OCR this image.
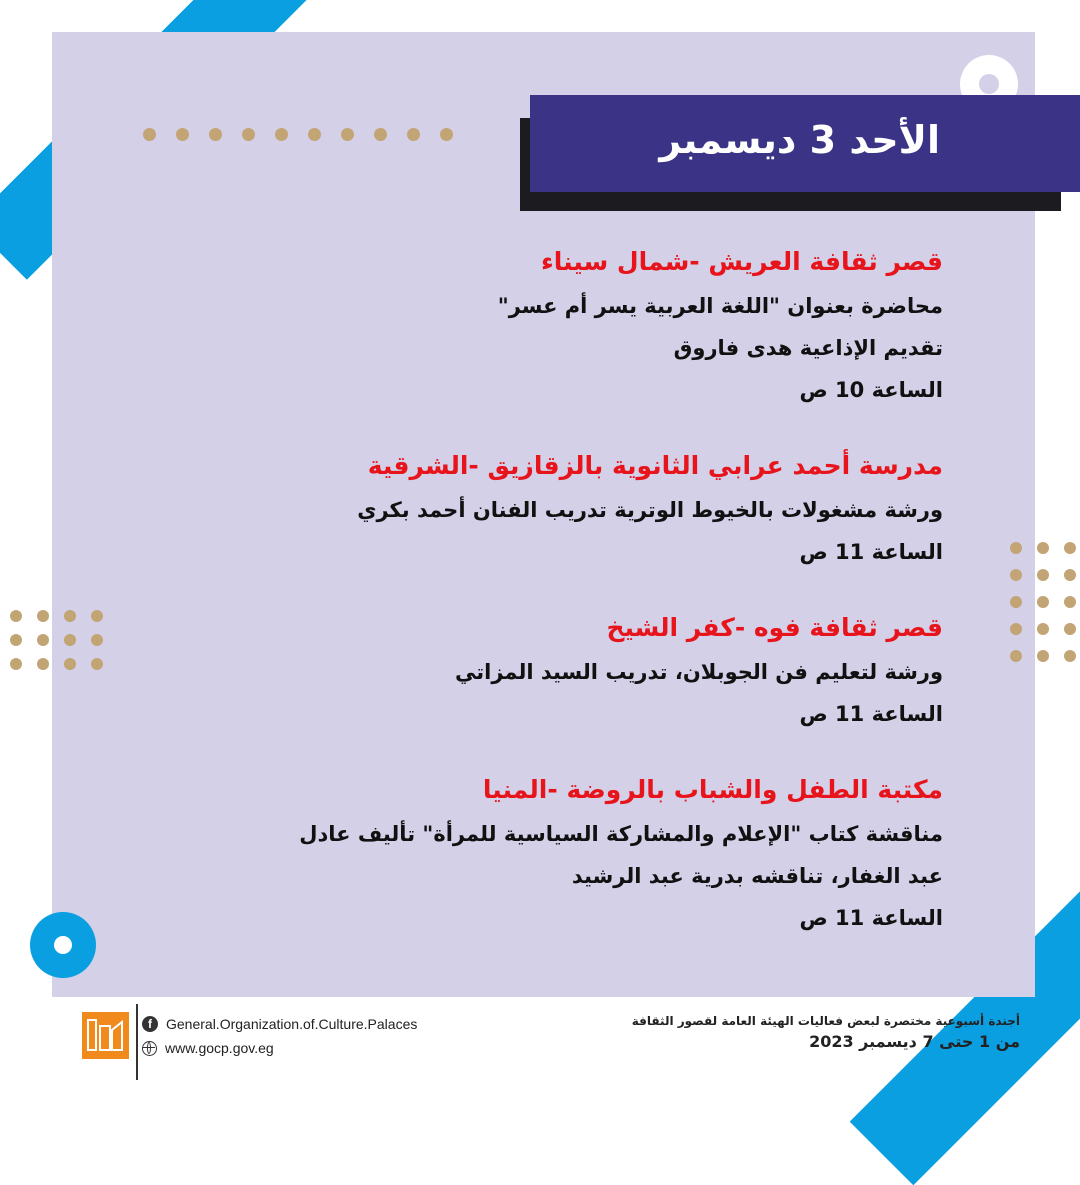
الأحد 3 ديسمبر
قصر ثقافة العريش -شمال سيناء
محاضرة بعنوان "اللغة العربية يسر أم عسر"
تقديم الإذاعية هدى فاروق
الساعة 10 ص
مدرسة أحمد عرابي الثانوية بالزقازيق -الشرقية
ورشة مشغولات بالخيوط الوترية تدريب الفنان أحمد بكري
الساعة 11 ص
قصر ثقافة فوه -كفر الشيخ
ورشة لتعليم فن الجوبلان، تدريب السيد المزاتي
الساعة 11 ص
مكتبة الطفل والشباب بالروضة -المنيا
مناقشة كتاب "الإعلام والمشاركة السياسية للمرأة" تأليف عادل
عبد الغفار، تناقشه بدرية عبد الرشيد
الساعة 11 ص
أجندة أسبوعية مختصرة لبعض فعاليات الهيئة العامة لقصور الثقافة
من 1 حتى 7 ديسمبر 2023
f	General.Organization.of.Culture.Palaces
www.gocp.gov.eg
